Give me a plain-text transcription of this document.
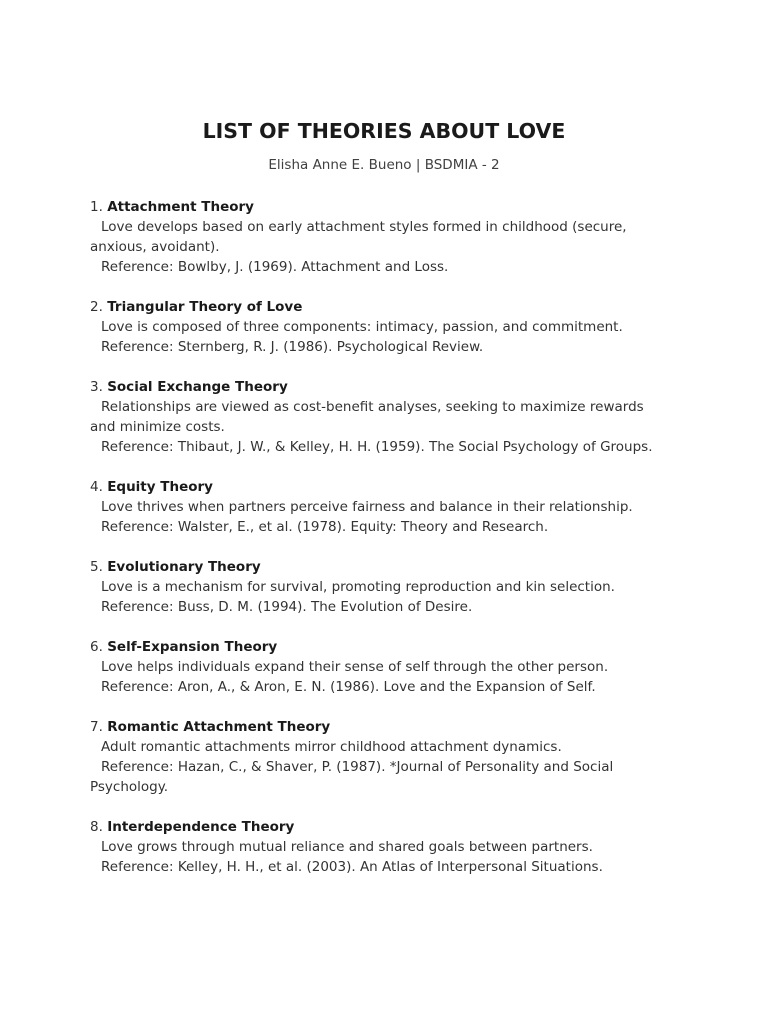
LIST OF THEORIES ABOUT LOVE
Elisha Anne E. Bueno | BSDMIA - 2
1. Attachment Theory
Love develops based on early attachment styles formed in childhood (secure,
anxious, avoidant).
Reference: Bowlby, J. (1969). Attachment and Loss.
2. Triangular Theory of Love
Love is composed of three components: intimacy, passion, and commitment.
Reference: Sternberg, R. J. (1986). Psychological Review.
3. Social Exchange Theory
Relationships are viewed as cost-benefit analyses, seeking to maximize rewards
and minimize costs.
Reference: Thibaut, J. W., & Kelley, H. H. (1959). The Social Psychology of Groups.
4. Equity Theory
Love thrives when partners perceive fairness and balance in their relationship.
Reference: Walster, E., et al. (1978). Equity: Theory and Research.
5. Evolutionary Theory
Love is a mechanism for survival, promoting reproduction and kin selection.
Reference: Buss, D. M. (1994). The Evolution of Desire.
6. Self-Expansion Theory
Love helps individuals expand their sense of self through the other person.
Reference: Aron, A., & Aron, E. N. (1986). Love and the Expansion of Self.
7. Romantic Attachment Theory
Adult romantic attachments mirror childhood attachment dynamics.
Reference: Hazan, C., & Shaver, P. (1987). *Journal of Personality and Social
Psychology.
8. Interdependence Theory
Love grows through mutual reliance and shared goals between partners.
Reference: Kelley, H. H., et al. (2003). An Atlas of Interpersonal Situations.
